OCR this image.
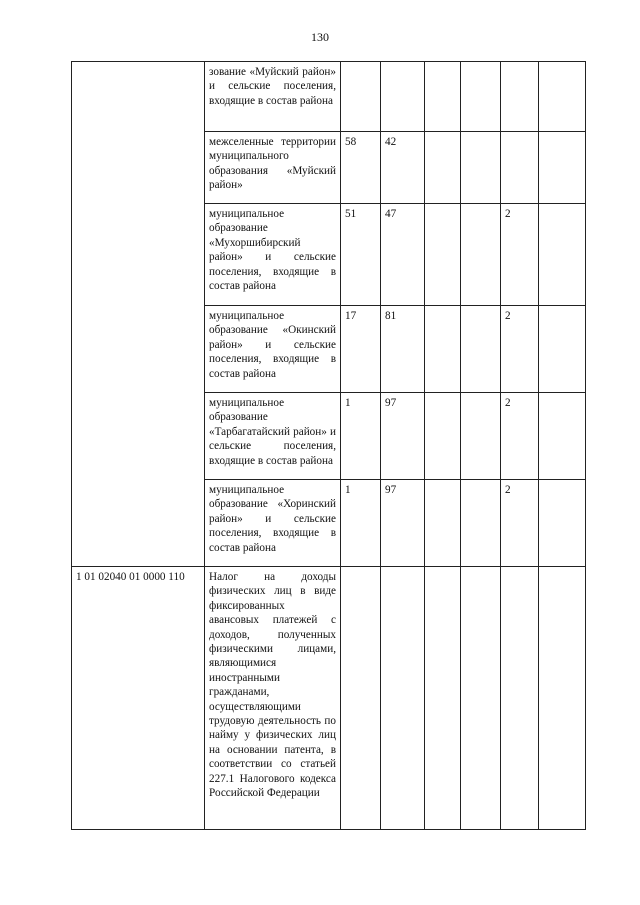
130
	зование «Муйский район» и сельские поселения, входящие в состав района						
	межселенные территории муниципального образования «Муйский район»	58	42				
	муниципальное образование «Мухоршибирский район» и сельские поселения, входящие в состав района	51	47			2	
	муниципальное образование «Окинский район» и сельские поселения, входящие в состав района	17	81			2	
	муниципальное образование «Тарбагатайский район» и сельские поселения, входящие в состав района	1	97			2	
	муниципальное образование «Хоринский район» и сельские поселения, входящие в состав района	1	97			2	
1 01 02040 01 0000 110	Налог на доходы физических лиц в виде фиксированных авансовых платежей с доходов, полученных физическими лицами, являющимися иностранными гражданами, осуществляющими трудовую деятельность по найму у физических лиц на основании патента, в соответствии со статьей 227.1 Налогового кодекса Российской Федерации						
